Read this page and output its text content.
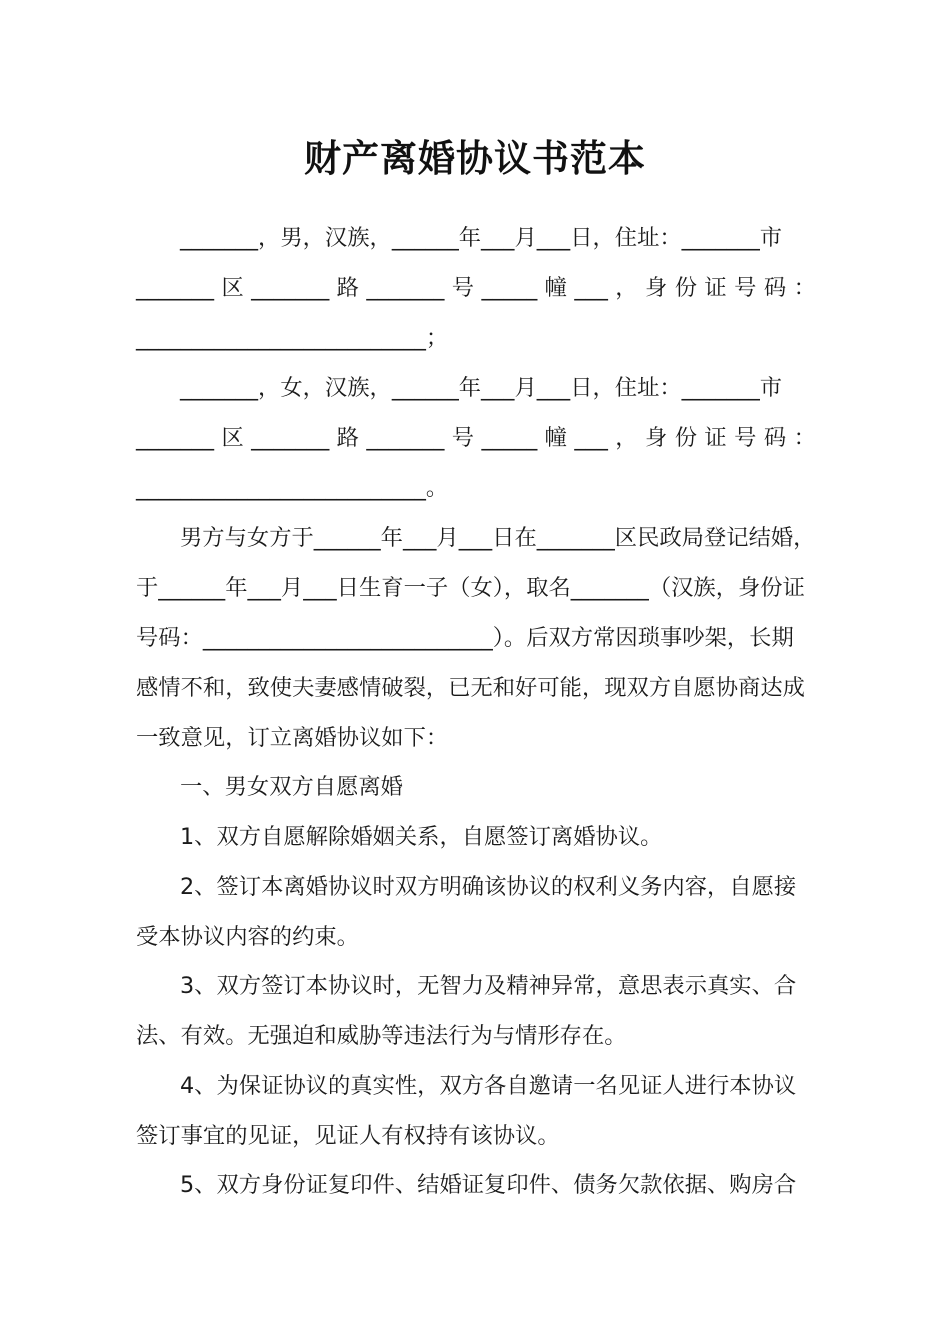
财产离婚协议书范本
_______，男，汉族，______年___月___日，住址：_______市
_______ 区 _______ 路 _______ 号 _____ 幢 ___ ， 身 份 证 号 码 ：
__________________________；
_______，女，汉族，______年___月___日，住址：_______市
_______ 区 _______ 路 _______ 号 _____ 幢 ___ ， 身 份 证 号 码 ：
__________________________。
男方与女方于______年___月___日在_______区民政局登记结婚，
于______年___月___日生育一子（女），取名_______（汉族，身份证
号码：__________________________）。后双方常因琐事吵架，长期
感情不和，致使夫妻感情破裂，已无和好可能，现双方自愿协商达成
一致意见，订立离婚协议如下：
一、男女双方自愿离婚
1、双方自愿解除婚姻关系，自愿签订离婚协议。
2、签订本离婚协议时双方明确该协议的权利义务内容，自愿接
受本协议内容的约束。
3、双方签订本协议时，无智力及精神异常，意思表示真实、合
法、有效。无强迫和威胁等违法行为与情形存在。
4、为保证协议的真实性，双方各自邀请一名见证人进行本协议
签订事宜的见证，见证人有权持有该协议。
5、双方身份证复印件、结婚证复印件、债务欠款依据、购房合
